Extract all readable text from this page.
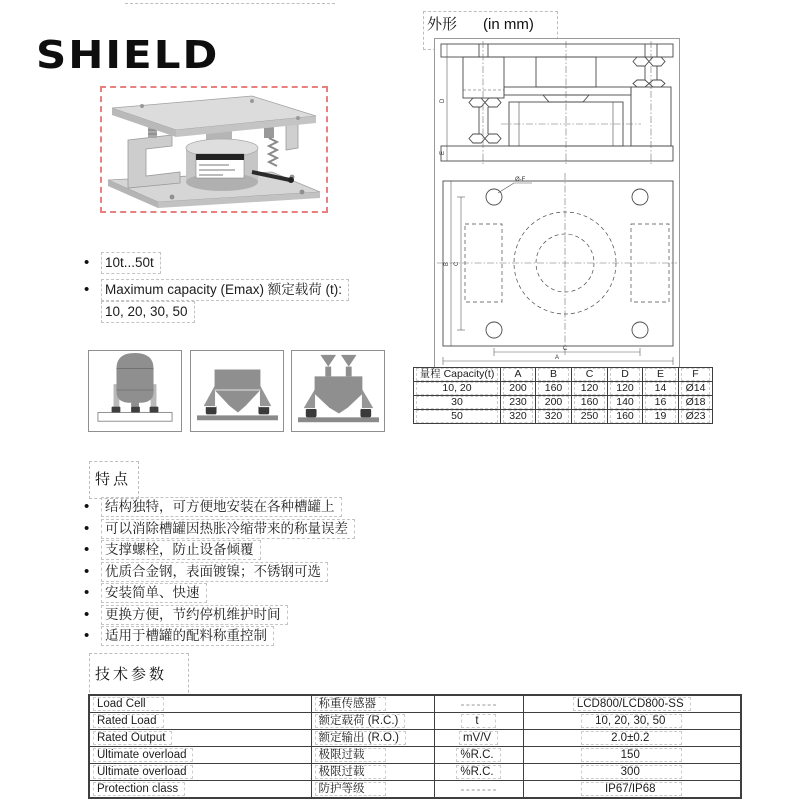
SHIELD
• 10t...50t
• Maximum capacity (Emax) 额定载荷 (t):
10, 20, 30, 50
外形 (in mm)
D
E
B C
Ø-F
C
A
量程 Capacity(t)	A	B	C	D	E	F

10, 20	200	160	120	120	14	Ø14

30	230	200	160	140	16	Ø18

50	320	320	250	160	19	Ø23
特点
• 结构独特，可方便地安装在各种槽罐上
• 可以消除槽罐因热胀冷缩带来的称量误差
• 支撑螺栓，防止设备倾覆
• 优质合金钢，表面镀镍；不锈钢可选
• 安装简单、快速
• 更换方便，节约停机维护时间
• 适用于槽罐的配料称重控制
技术参数
Load Cell	称重传感器		LCD800/LCD800-SS
Rated Load	额定载荷 (R.C.)	t	10, 20, 30, 50
Rated Output	额定输出 (R.O.)	mV/V	2.0±0.2
Ultimate overload	极限过载	%R.C.	150
Ultimate overload	极限过载	%R.C.	300
Protection class	防护等级		IP67/IP68
